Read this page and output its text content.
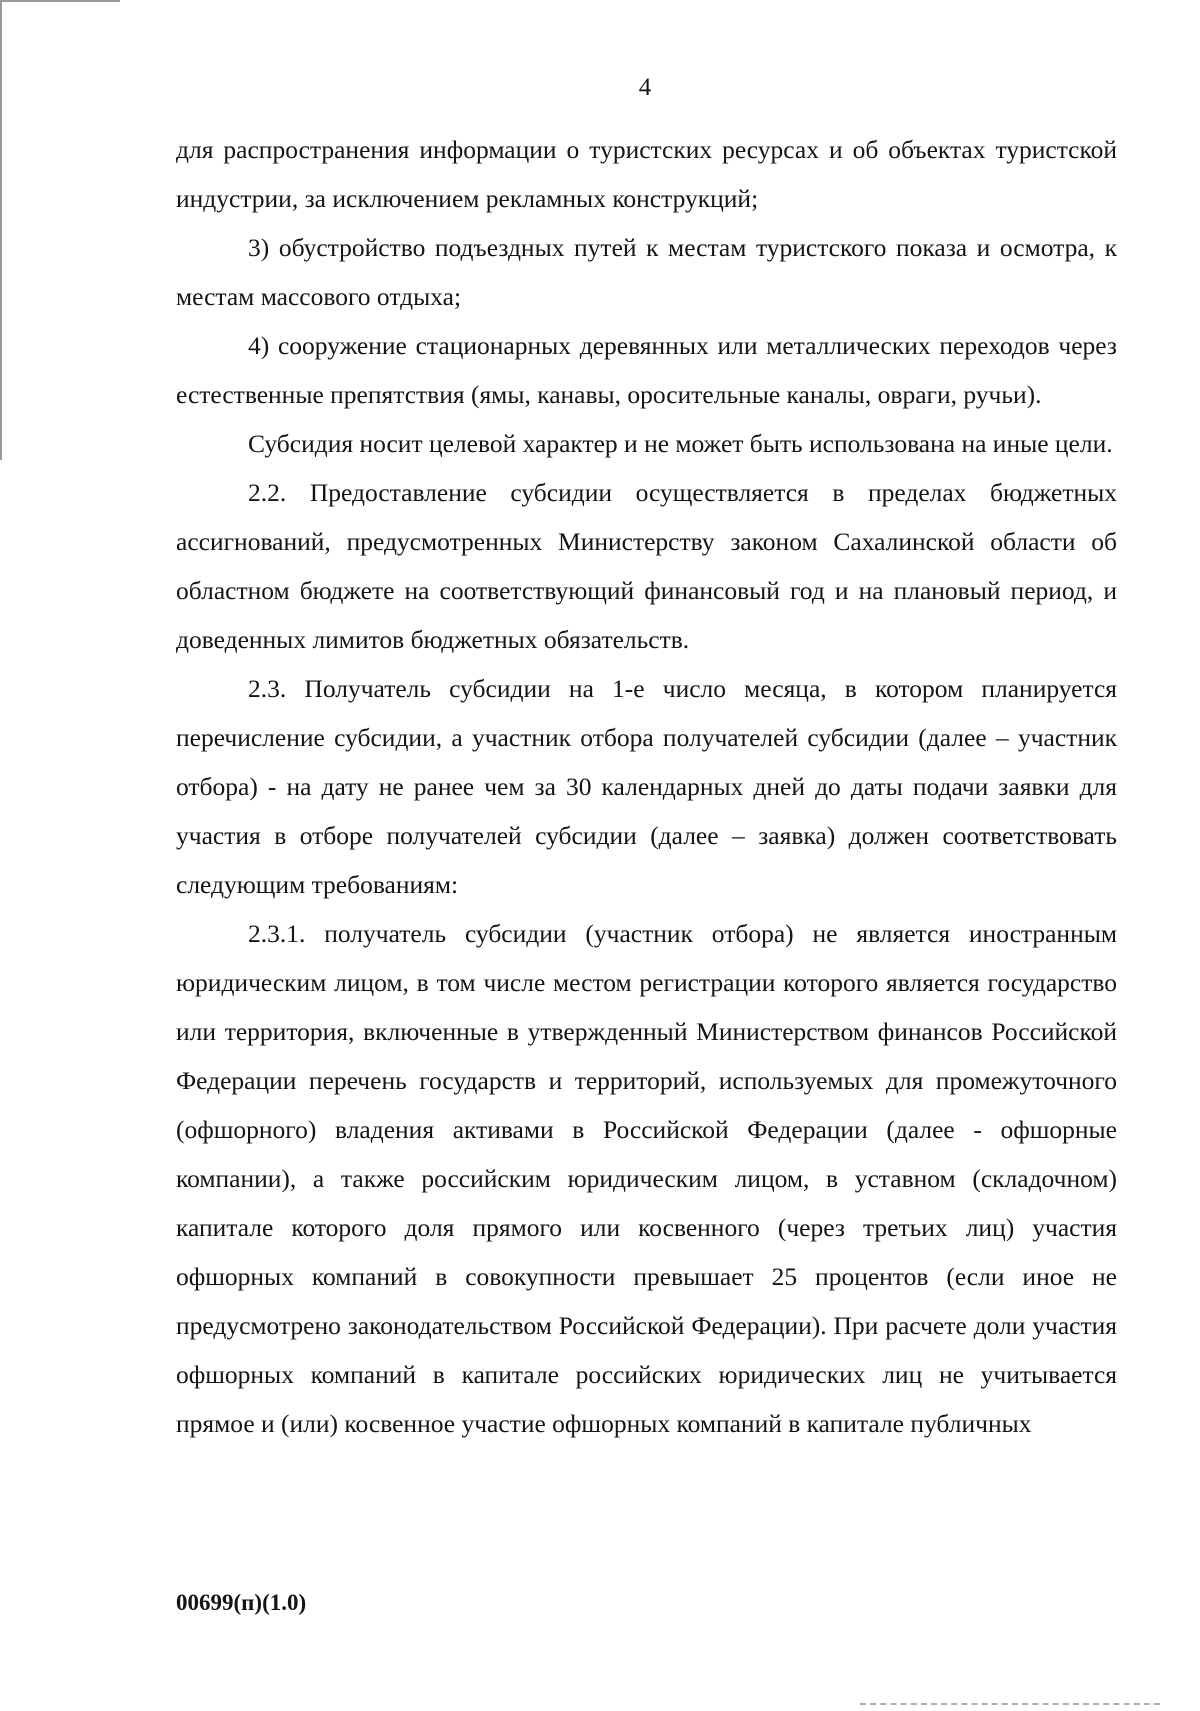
4

для распространения информации о туристских ресурсах и об объектах туристской индустрии, за исключением рекламных конструкций;

3) обустройство подъездных путей к местам туристского показа и осмотра, к местам массового отдыха;

4) сооружение стационарных деревянных или металлических переходов через естественные препятствия (ямы, канавы, оросительные каналы, овраги, ручьи).

Субсидия носит целевой характер и не может быть использована на иные цели.

2.2. Предоставление субсидии осуществляется в пределах бюджетных ассигнований, предусмотренных Министерству законом Сахалинской области об областном бюджете на соответствующий финансовый год и на плановый период, и доведенных лимитов бюджетных обязательств.

2.3. Получатель субсидии на 1-е число месяца, в котором планируется перечисление субсидии, а участник отбора получателей субсидии (далее – участник отбора) - на дату не ранее чем за 30 календарных дней до даты подачи заявки для участия в отборе получателей субсидии (далее – заявка) должен соответствовать следующим требованиям:

2.3.1. получатель субсидии (участник отбора) не является иностранным юридическим лицом, в том числе местом регистрации которого является государство или территория, включенные в утвержденный Министерством финансов Российской Федерации перечень государств и территорий, используемых для промежуточного (офшорного) владения активами в Российской Федерации (далее - офшорные компании), а также российским юридическим лицом, в уставном (складочном) капитале которого доля прямого или косвенного (через третьих лиц) участия офшорных компаний в совокупности превышает 25 процентов (если иное не предусмотрено законодательством Российской Федерации). При расчете доли участия офшорных компаний в капитале российских юридических лиц не учитывается прямое и (или) косвенное участие офшорных компаний в капитале публичных

00699(п)(1.0)
